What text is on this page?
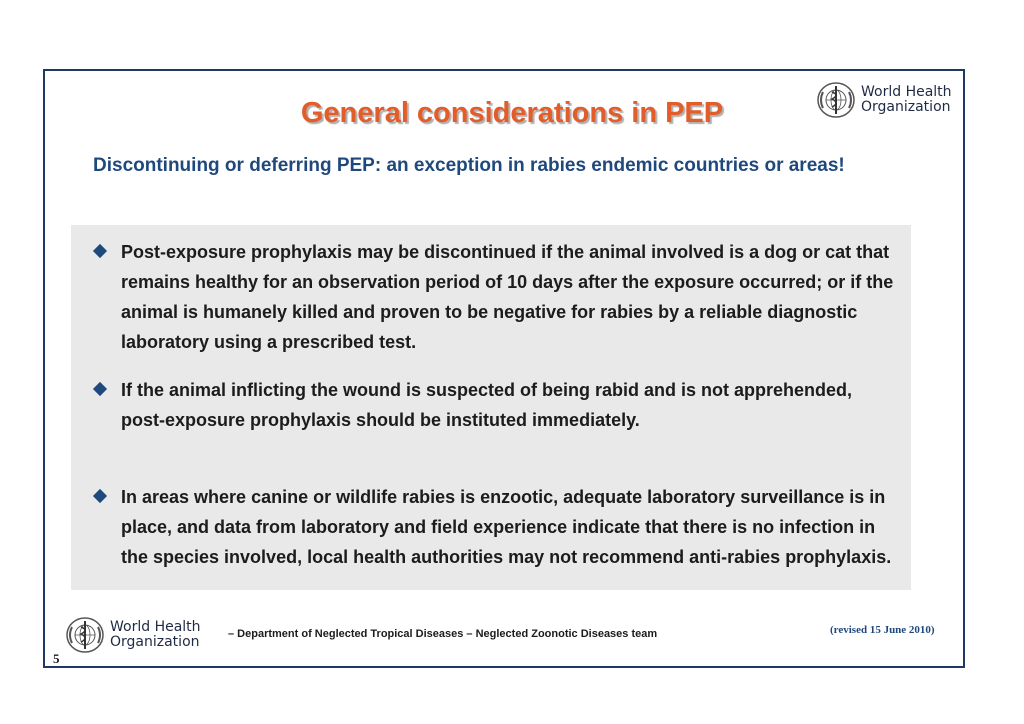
World Health
Organization
General considerations in PEP
Discontinuing or deferring PEP: an exception in rabies endemic countries or areas!
Post-exposure prophylaxis may be discontinued if the animal involved is a dog or cat that remains healthy for an observation period of 10 days after the exposure occurred; or if the animal is humanely killed and proven to be negative for rabies by a reliable diagnostic laboratory using a prescribed test.
If the animal inflicting the wound is suspected of being rabid and is not apprehended, post-exposure prophylaxis should be instituted immediately.
In areas where canine or wildlife rabies is enzootic, adequate laboratory surveillance is in place, and data from laboratory and field experience indicate that there is no infection in the species involved, local health authorities may not recommend anti-rabies prophylaxis.
World Health
Organization	– Department of Neglected Tropical Diseases – Neglected Zoonotic Diseases team	(revised 15 June 2010)
5
